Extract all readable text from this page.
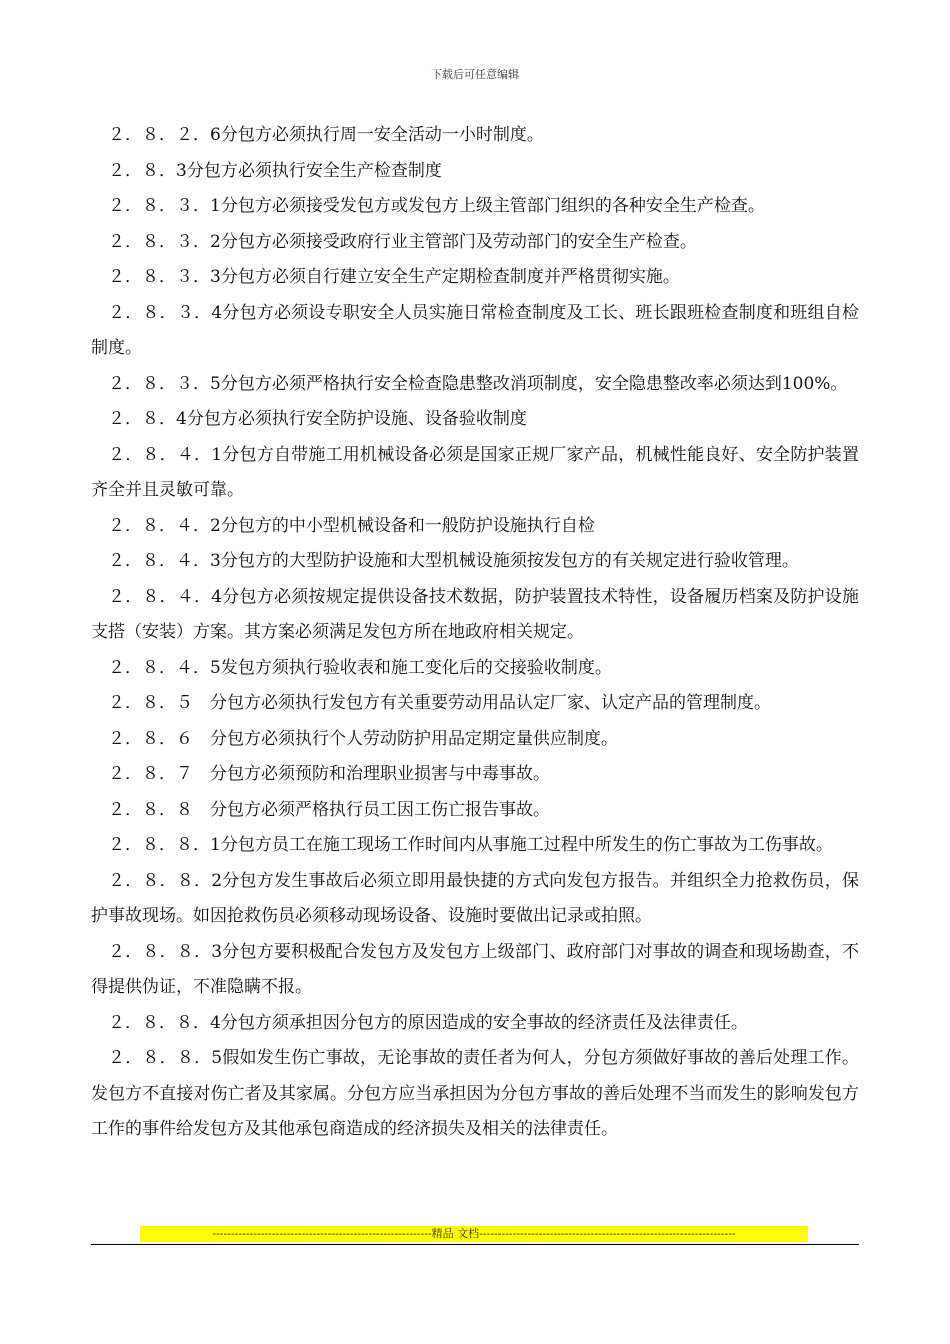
下载后可任意编辑

２．８．２．6分包方必须执行周一安全活动一小时制度。

２．８．3分包方必须执行安全生产检查制度

２．８．３．1分包方必须接受发包方或发包方上级主管部门组织的各种安全生产检查。

２．８．３．2分包方必须接受政府行业主管部门及劳动部门的安全生产检查。

２．８．３．3分包方必须自行建立安全生产定期检查制度并严格贯彻实施。

２．８．３．4分包方必须设专职安全人员实施日常检查制度及工长、班长跟班检查制度和班组自检制度。

２．８．３．5分包方必须严格执行安全检查隐患整改消项制度，安全隐患整改率必须达到100%。

２．８．4分包方必须执行安全防护设施、设备验收制度

２．８．４．1分包方自带施工用机械设备必须是国家正规厂家产品，机械性能良好、安全防护装置齐全并且灵敏可靠。

２．８．４．2分包方的中小型机械设备和一般防护设施执行自检

２．８．４．3分包方的大型防护设施和大型机械设施须按发包方的有关规定进行验收管理。

２．８．４．4分包方必须按规定提供设备技术数据，防护装置技术特性，设备履历档案及防护设施支搭（安装）方案。其方案必须满足发包方所在地政府相关规定。

２．８．４．5发包方须执行验收表和施工变化后的交接验收制度。

２．８．５　分包方必须执行发包方有关重要劳动用品认定厂家、认定产品的管理制度。

２．８．６　分包方必须执行个人劳动防护用品定期定量供应制度。

２．８．７　分包方必须预防和治理职业损害与中毒事故。

２．８．８　分包方必须严格执行员工因工伤亡报告事故。

２．８．８．1分包方员工在施工现场工作时间内从事施工过程中所发生的伤亡事故为工伤事故。

２．８．８．2分包方发生事故后必须立即用最快捷的方式向发包方报告。并组织全力抢救伤员，保护事故现场。如因抢救伤员必须移动现场设备、设施时要做出记录或拍照。

２．８．８．3分包方要积极配合发包方及发包方上级部门、政府部门对事故的调查和现场勘查，不得提供伪证，不准隐瞒不报。

２．８．８．4分包方须承担因分包方的原因造成的安全事故的经济责任及法律责任。

２．８．８．5假如发生伤亡事故，无论事故的责任者为何人，分包方须做好事故的善后处理工作。发包方不直接对伤亡者及其家属。分包方应当承担因为分包方事故的善后处理不当而发生的影响发包方工作的事件给发包方及其他承包商造成的经济损失及相关的法律责任。

-----------------------------------------------------------精品 文档---------------------------------------------------------------------
